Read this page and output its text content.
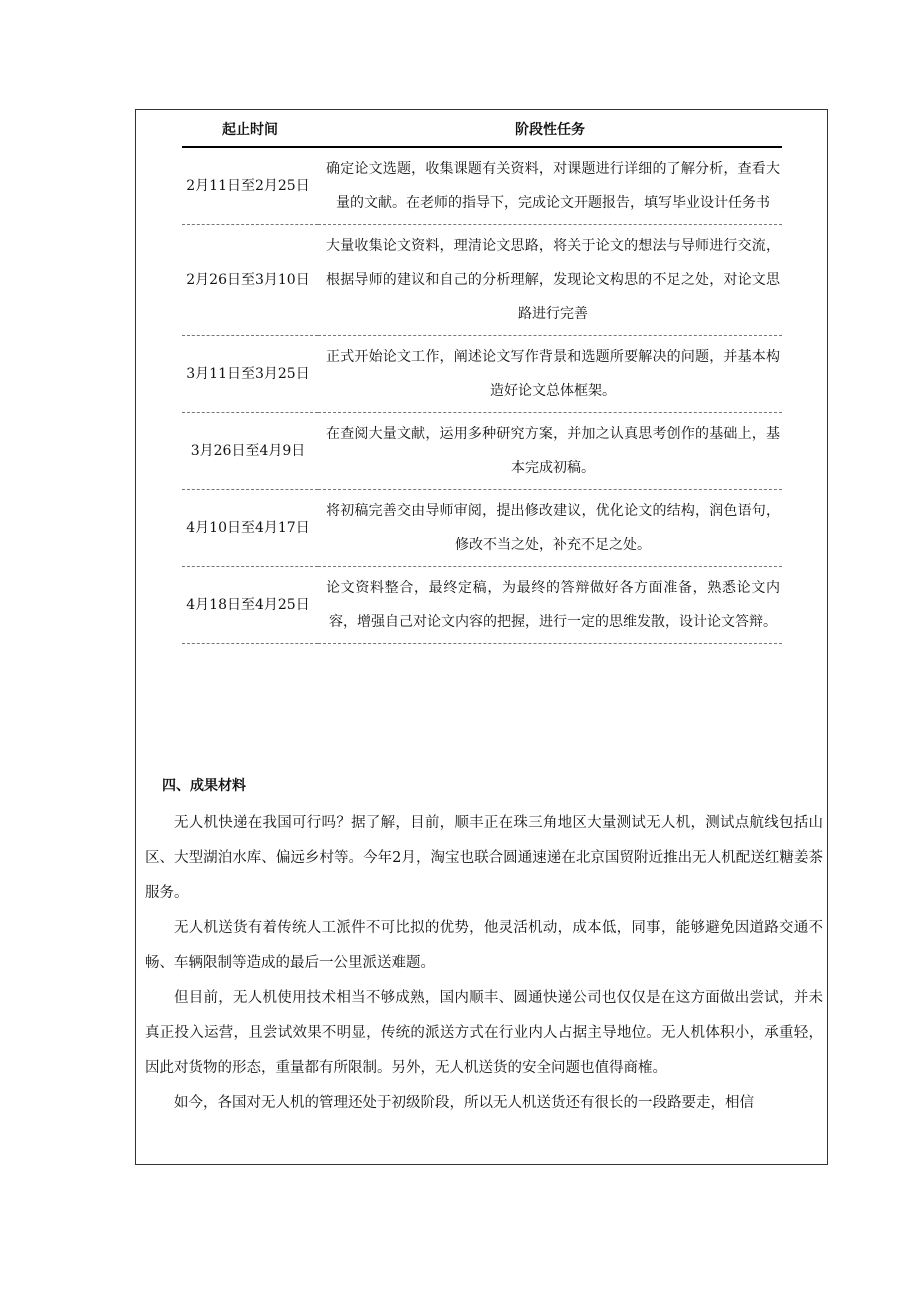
起止时间	阶段性任务
2月11日至2月25日	确定论文选题，收集课题有关资料，对课题进行详细的了解分析，查看大量的文献。在老师的指导下，完成论文开题报告，填写毕业设计任务书
2月26日至3月10日	大量收集论文资料，理清论文思路，将关于论文的想法与导师进行交流，根据导师的建议和自己的分析理解，发现论文构思的不足之处，对论文思路进行完善
3月11日至3月25日	正式开始论文工作，阐述论文写作背景和选题所要解决的问题，并基本构造好论文总体框架。
3月26日至4月9日	在查阅大量文献，运用多种研究方案，并加之认真思考创作的基础上，基本完成初稿。
4月10日至4月17日	将初稿完善交由导师审阅，提出修改建议，优化论文的结构，润色语句，修改不当之处，补充不足之处。
4月18日至4月25日	论文资料整合，最终定稿，为最终的答辩做好各方面准备，熟悉论文内容，增强自己对论文内容的把握，进行一定的思维发散，设计论文答辩。
四、成果材料

无人机快递在我国可行吗？据了解，目前，顺丰正在珠三角地区大量测试无人机，测试点航线包括山区、大型湖泊水库、偏远乡村等。今年2月，淘宝也联合圆通速递在北京国贸附近推出无人机配送红糖姜茶服务。

无人机送货有着传统人工派件不可比拟的优势，他灵活机动，成本低，同事，能够避免因道路交通不畅、车辆限制等造成的最后一公里派送难题。

但目前，无人机使用技术相当不够成熟，国内顺丰、圆通快递公司也仅仅是在这方面做出尝试，并未真正投入运营，且尝试效果不明显，传统的派送方式在行业内人占据主导地位。无人机体积小，承重轻，因此对货物的形态，重量都有所限制。另外，无人机送货的安全问题也值得商榷。

如今，各国对无人机的管理还处于初级阶段，所以无人机送货还有很长的一段路要走，相信
